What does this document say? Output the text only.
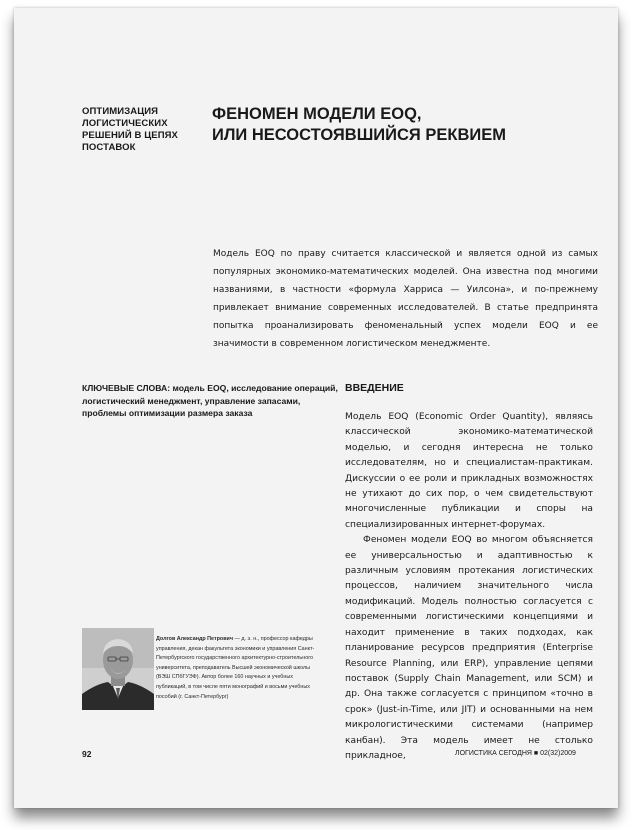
ОПТИМИЗАЦИЯ ЛОГИСТИЧЕСКИХ РЕШЕНИЙ В ЦЕПЯХ ПОСТАВОК
ФЕНОМЕН МОДЕЛИ EOQ,
ИЛИ НЕСОСТОЯВШИЙСЯ РЕКВИЕМ
Модель EOQ по праву считается классической и является одной из самых популярных экономико-математических моделей. Она известна под многими названиями, в частности «формула Харриса — Уилсона», и по-прежнему привлекает внимание современных исследователей. В статье предпринята попытка проанализировать феноменальный успех модели EOQ и ее значимости в современном логистическом менеджменте.
КЛЮЧЕВЫЕ СЛОВА: модель EOQ, исследование операций, логистический менеджмент, управление запасами, проблемы оптимизации размера заказа
ВВЕДЕНИЕ

Модель EOQ (Economic Order Quantity), являясь классической экономико-математической моделью, и сегодня интересна не только исследователям, но и специалистам-практикам. Дискуссии о ее роли и прикладных возможностях не утихают до сих пор, о чем свидетельствуют многочисленные публикации и споры на специализированных интернет-форумах.

Феномен модели EOQ во многом объясняется ее универсальностью и адаптивностью к различным условиям протекания логистических процессов, наличием значительного числа модификаций. Модель полностью согласуется с современными логистическими концепциями и находит применение в таких подходах, как планирование ресурсов предприятия (Enterprise Resource Planning, или ERP), управление цепями поставок (Supply Chain Management, или SCM) и др. Она также согласуется с принципом «точно в срок» (Just-in-Time, или JIT) и основанными на нем микрологистическими системами (например канбан). Эта модель имеет не столько прикладное,

Долгов Александр Петрович — д. э. н., профессор кафедры управления, декан факультета экономики и управления Санкт-Петербургского государственного архитектурно-строительного университета, преподаватель Высшей экономической школы (ВЭШ СПбГУЭФ). Автор более 160 научных и учебных публикаций, в том числе пяти монографий и восьми учебных пособий (г. Санкт-Петербург)
92	ЛОГИСТИКА СЕГОДНЯ ■ 02(32)2009
